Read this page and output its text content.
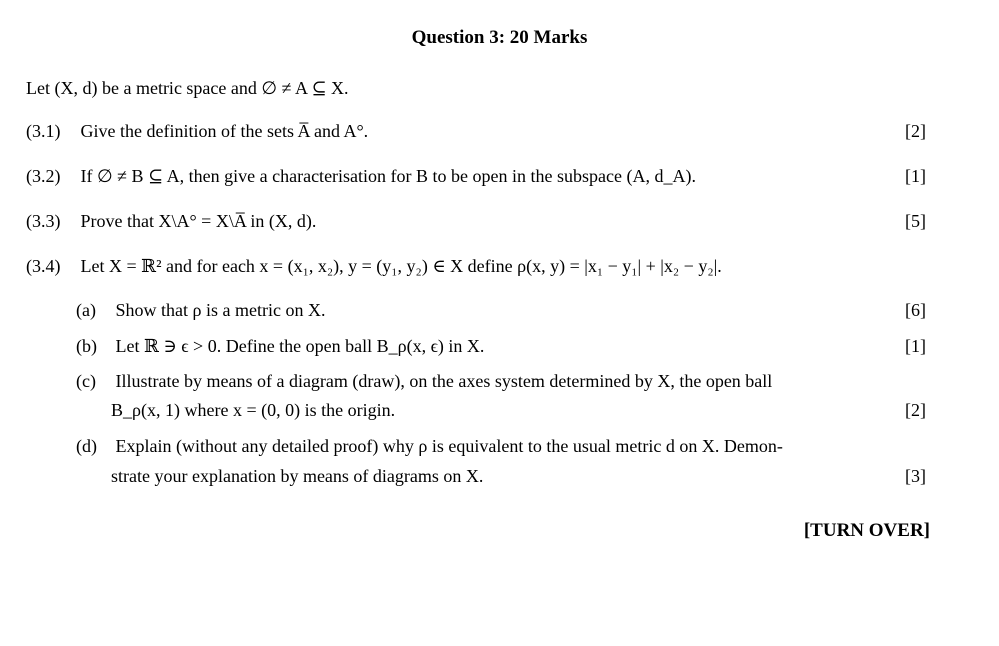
Question 3: 20 Marks
Let (X, d) be a metric space and ∅ ≠ A ⊆ X.
(3.1) Give the definition of the sets A̅ and A°.	[2]
(3.2) If ∅ ≠ B ⊆ A, then give a characterisation for B to be open in the subspace (A, d_A).	[1]
(3.3) Prove that X\A° = X\A̅ in (X, d).	[5]
(3.4) Let X = ℝ² and for each x = (x₁, x₂), y = (y₁, y₂) ∈ X define ρ(x, y) = |x₁ − y₁| + |x₂ − y₂|.
(a) Show that ρ is a metric on X.	[6]
(b) Let ℝ ∋ ϵ > 0. Define the open ball B_ρ(x, ϵ) in X.	[1]
(c) Illustrate by means of a diagram (draw), on the axes system determined by X, the open ball
B_ρ(x, 1) where x = (0, 0) is the origin.	[2]
(d) Explain (without any detailed proof) why ρ is equivalent to the usual metric d on X. Demon-
strate your explanation by means of diagrams on X.	[3]
[TURN OVER]
